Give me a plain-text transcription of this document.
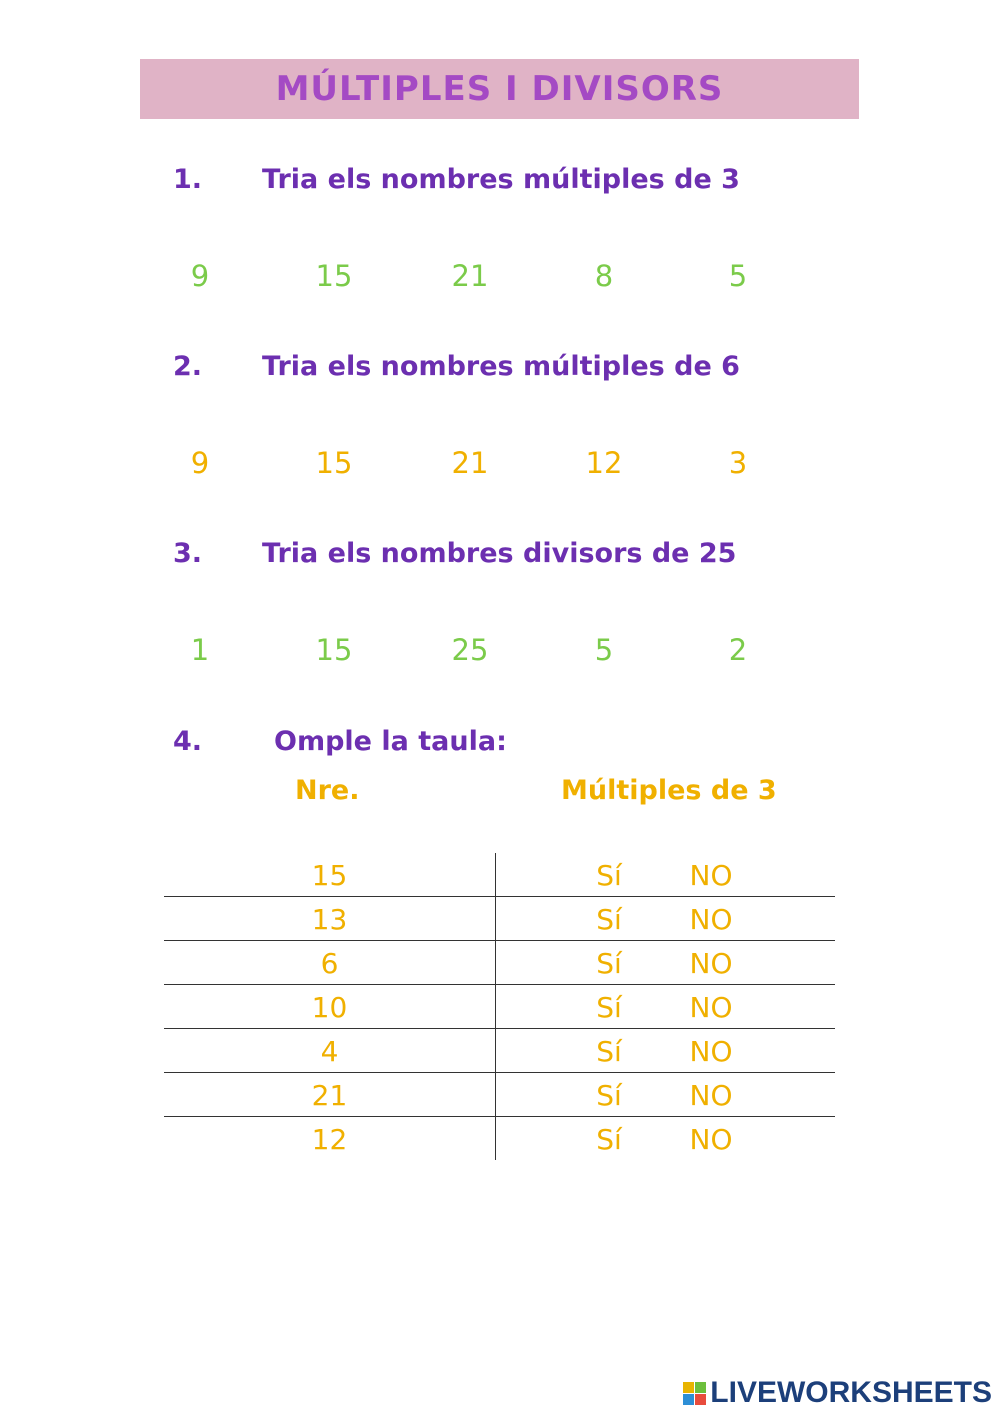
MÚLTIPLES I DIVISORS
1. Tria els nombres múltiples de 3
9	15	21	8	5
2. Tria els nombres múltiples de 6
9	15	21	12	3
3. Tria els nombres divisors de 25
1	15	25	5	2
4.	Omple la taula:
Nre.	Múltiples de 3
15	Sí	NO
13	Sí	NO
6	Sí	NO
10	Sí	NO
4	Sí	NO
21	Sí	NO
12	Sí	NO
LIVEWORKSHEETS
